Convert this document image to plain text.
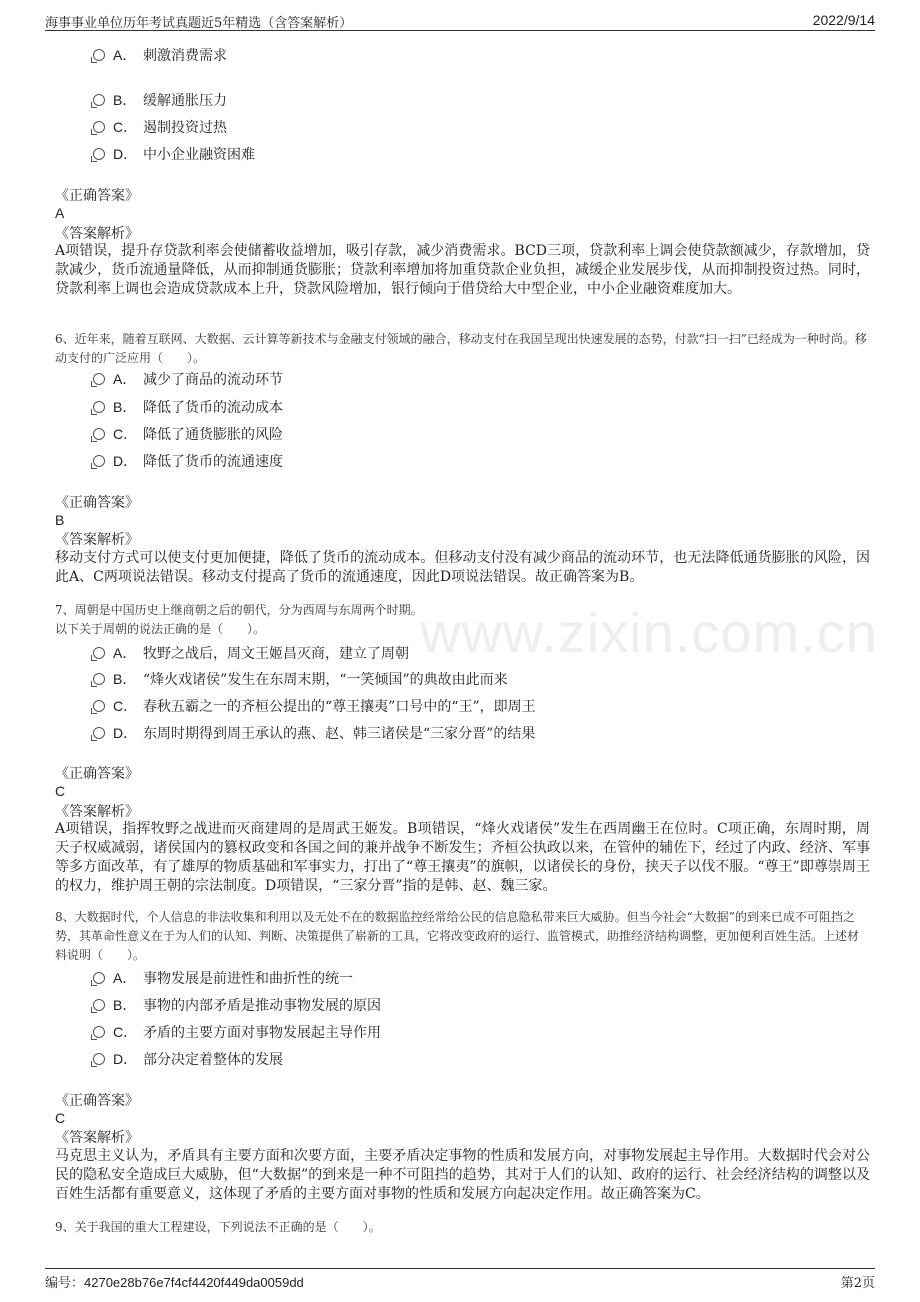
海事事业单位历年考试真题近5年精选（含答案解析）	2022/9/14
www.zixin.com.cn
A． 刺激消费需求
B． 缓解通胀压力
C． 遏制投资过热
D． 中小企业融资困难
《正确答案》
A
《答案解析》
A项错误，提升存贷款利率会使储蓄收益增加，吸引存款，减少消费需求。BCD三项，贷款利率上调会使贷款额减少，存款增加，贷款减少，货币流通量降低，从而抑制通货膨胀；贷款利率增加将加重贷款企业负担，减缓企业发展步伐，从而抑制投资过热。同时，贷款利率上调也会造成贷款成本上升，贷款风险增加，银行倾向于借贷给大中型企业，中小企业融资难度加大。
6、近年来，随着互联网、大数据、云计算等新技术与金融支付领域的融合，移动支付在我国呈现出快速发展的态势，付款“扫一扫”已经成为一种时尚。移动支付的广泛应用（　　）。
A． 减少了商品的流动环节
B． 降低了货币的流动成本
C． 降低了通货膨胀的风险
D． 降低了货币的流通速度
《正确答案》
B
《答案解析》
移动支付方式可以使支付更加便捷，降低了货币的流动成本。但移动支付没有减少商品的流动环节，也无法降低通货膨胀的风险，因此A、C两项说法错误。移动支付提高了货币的流通速度，因此D项说法错误。故正确答案为B。
7、周朝是中国历史上继商朝之后的朝代，分为西周与东周两个时期。
以下关于周朝的说法正确的是（　　）。
A． 牧野之战后，周文王姬昌灭商，建立了周朝
B． “烽火戏诸侯”发生在东周末期，“一笑倾国”的典故由此而来
C． 春秋五霸之一的齐桓公提出的“尊王攘夷”口号中的“王”，即周王
D． 东周时期得到周王承认的燕、赵、韩三诸侯是“三家分晋”的结果
《正确答案》
C
《答案解析》
A项错误，指挥牧野之战进而灭商建周的是周武王姬发。B项错误，“烽火戏诸侯”发生在西周幽王在位时。C项正确，东周时期，周天子权威减弱，诸侯国内的篡权政变和各国之间的兼并战争不断发生；齐桓公执政以来，在管仲的辅佐下，经过了内政、经济、军事等多方面改革，有了雄厚的物质基础和军事实力，打出了“尊王攘夷”的旗帜，以诸侯长的身份，挟天子以伐不服。“尊王”即尊崇周王的权力，维护周王朝的宗法制度。D项错误，“三家分晋”指的是韩、赵、魏三家。
8、大数据时代，个人信息的非法收集和利用以及无处不在的数据监控经常给公民的信息隐私带来巨大威胁。但当今社会“大数据”的到来已成不可阻挡之势，其革命性意义在于为人们的认知、判断、决策提供了崭新的工具，它将改变政府的运行、监管模式，助推经济结构调整，更加便利百姓生活。上述材料说明（　　）。
A． 事物发展是前进性和曲折性的统一
B． 事物的内部矛盾是推动事物发展的原因
C． 矛盾的主要方面对事物发展起主导作用
D． 部分决定着整体的发展
《正确答案》
C
《答案解析》
马克思主义认为，矛盾具有主要方面和次要方面，主要矛盾决定事物的性质和发展方向，对事物发展起主导作用。大数据时代会对公民的隐私安全造成巨大威胁，但“大数据”的到来是一种不可阻挡的趋势，其对于人们的认知、政府的运行、社会经济结构的调整以及百姓生活都有重要意义，这体现了矛盾的主要方面对事物的性质和发展方向起决定作用。故正确答案为C。
9、关于我国的重大工程建设，下列说法不正确的是（　　）。
编号：4270e28b76e7f4cf4420f449da0059dd	第2页
